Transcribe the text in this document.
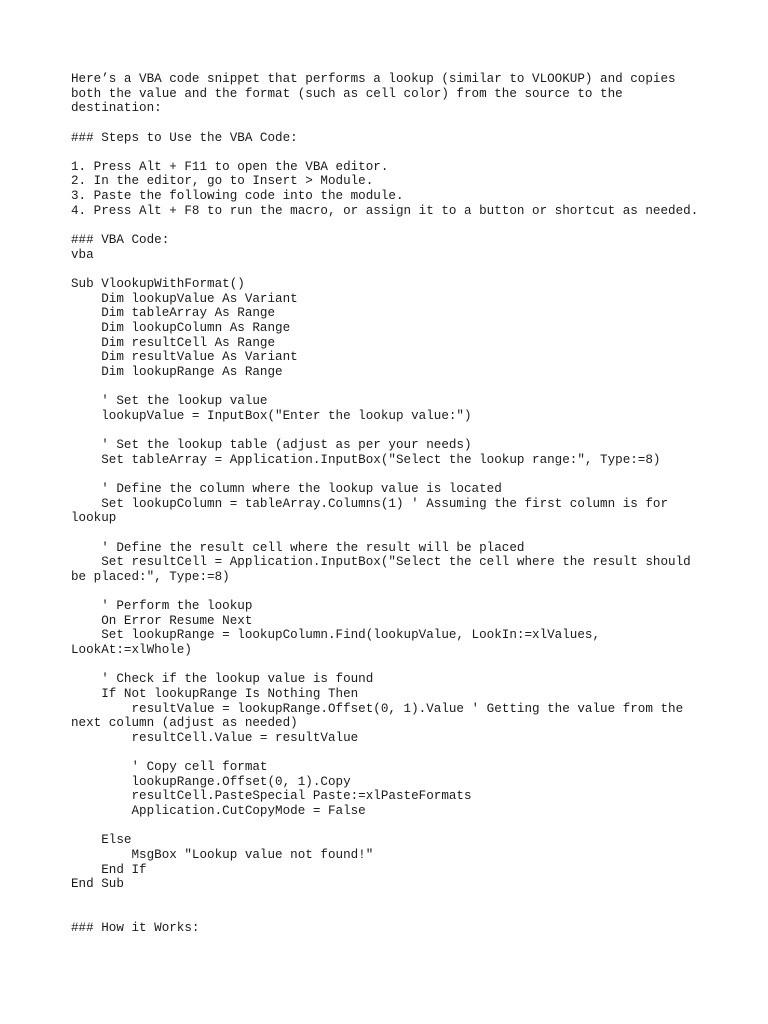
Here’s a VBA code snippet that performs a lookup (similar to VLOOKUP) and copies
both the value and the format (such as cell color) from the source to the
destination:
### Steps to Use the VBA Code:
1. Press Alt + F11 to open the VBA editor.
2. In the editor, go to Insert > Module.
3. Paste the following code into the module.
4. Press Alt + F8 to run the macro, or assign it to a button or shortcut as needed.
### VBA Code:
vba
Sub VlookupWithFormat()
Dim lookupValue As Variant
Dim tableArray As Range
Dim lookupColumn As Range
Dim resultCell As Range
Dim resultValue As Variant
Dim lookupRange As Range
' Set the lookup value
lookupValue = InputBox("Enter the lookup value:")
' Set the lookup table (adjust as per your needs)
Set tableArray = Application.InputBox("Select the lookup range:", Type:=8)
' Define the column where the lookup value is located
Set lookupColumn = tableArray.Columns(1) ' Assuming the first column is for
lookup
' Define the result cell where the result will be placed
Set resultCell = Application.InputBox("Select the cell where the result should
be placed:", Type:=8)
' Perform the lookup
On Error Resume Next
Set lookupRange = lookupColumn.Find(lookupValue, LookIn:=xlValues,
LookAt:=xlWhole)
' Check if the lookup value is found
If Not lookupRange Is Nothing Then
resultValue = lookupRange.Offset(0, 1).Value ' Getting the value from the
next column (adjust as needed)
resultCell.Value = resultValue
' Copy cell format
lookupRange.Offset(0, 1).Copy
resultCell.PasteSpecial Paste:=xlPasteFormats
Application.CutCopyMode = False
Else
MsgBox "Lookup value not found!"
End If
End Sub
### How it Works:
